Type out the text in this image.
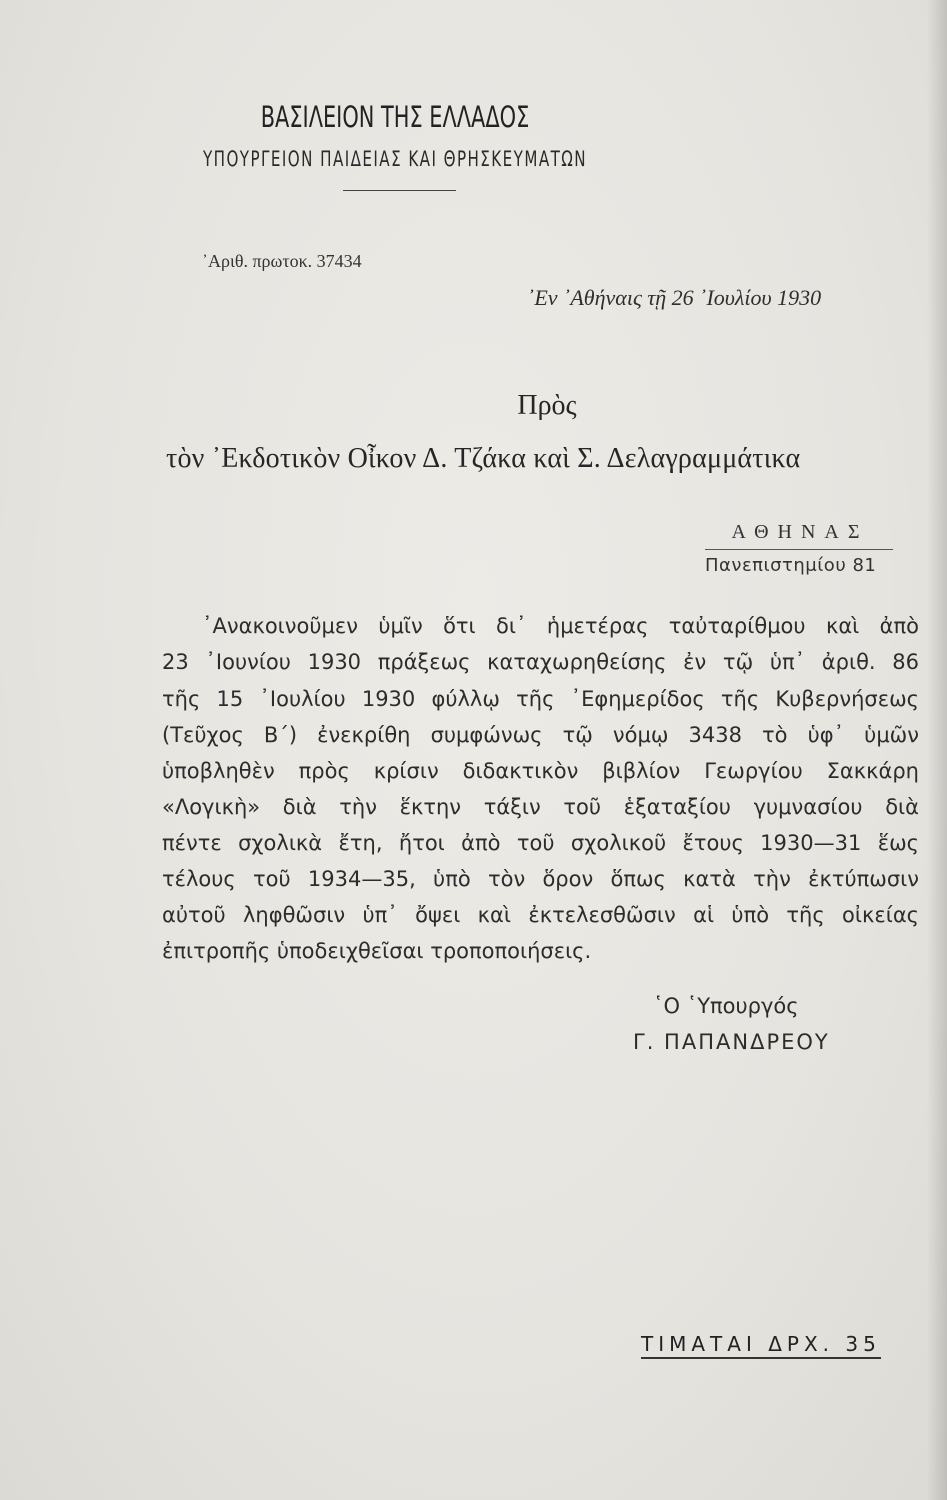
ΒΑΣΙΛΕΙΟΝ ΤΗΣ ΕΛΛΑΔΟΣ
ΥΠΟΥΡΓΕΙΟΝ ΠΑΙΔΕΙΑΣ ΚΑΙ ΘΡΗΣΚΕΥΜΑΤΩΝ
᾿Αριθ. πρωτοκ. 37434
᾿Εν ᾿Αθήναις τῇ 26 ᾿Ιουλίου 1930
Πρὸς
τὸν ᾿Εκδοτικὸν Οἶκον Δ. Τζάκα καὶ Σ. Δελαγραμμάτικα
ΑΘΗΝΑΣ
Πανεπιστημίου 81
᾿Ανακοινοῦμεν ὑμῖν ὅτι δι᾿ ἡμετέρας ταὐταρίθμου καὶ ἀπὸ
23 ᾿Ιουνίου 1930 πράξεως καταχωρηθείσης ἐν τῷ ὑπ᾿ ἀριθ. 86
τῆς 15 ᾿Ιουλίου 1930 φύλλῳ τῆς ᾿Εφημερίδος τῆς Κυβερνήσεως
(Τεῦχος Β΄) ἐνεκρίθη συμφώνως τῷ νόμῳ 3438 τὸ ὑφ᾿ ὑμῶν
ὑποβληθὲν πρὸς κρίσιν διδακτικὸν βιβλίον Γεωργίου Σακκάρη
«Λογικὴ» διὰ τὴν ἕκτην τάξιν τοῦ ἑξαταξίου γυμνασίου διὰ
πέντε σχολικὰ ἔτη, ἤτοι ἀπὸ τοῦ σχολικοῦ ἔτους 1930—31 ἕως
τέλους τοῦ 1934—35, ὑπὸ τὸν ὅρον ὅπως κατὰ τὴν ἐκτύπωσιν
αὐτοῦ ληφθῶσιν ὑπ᾿ ὄψει καὶ ἐκτελεσθῶσιν αἱ ὑπὸ τῆς οἰκείας
ἐπιτροπῆς ὑποδειχθεῖσαι τροποποιήσεις.
῾Ο ῾Υπουργός
Γ. ΠΑΠΑΝΔΡΕΟΥ
ΤΙΜΑΤΑΙ ΔΡΧ. 35
